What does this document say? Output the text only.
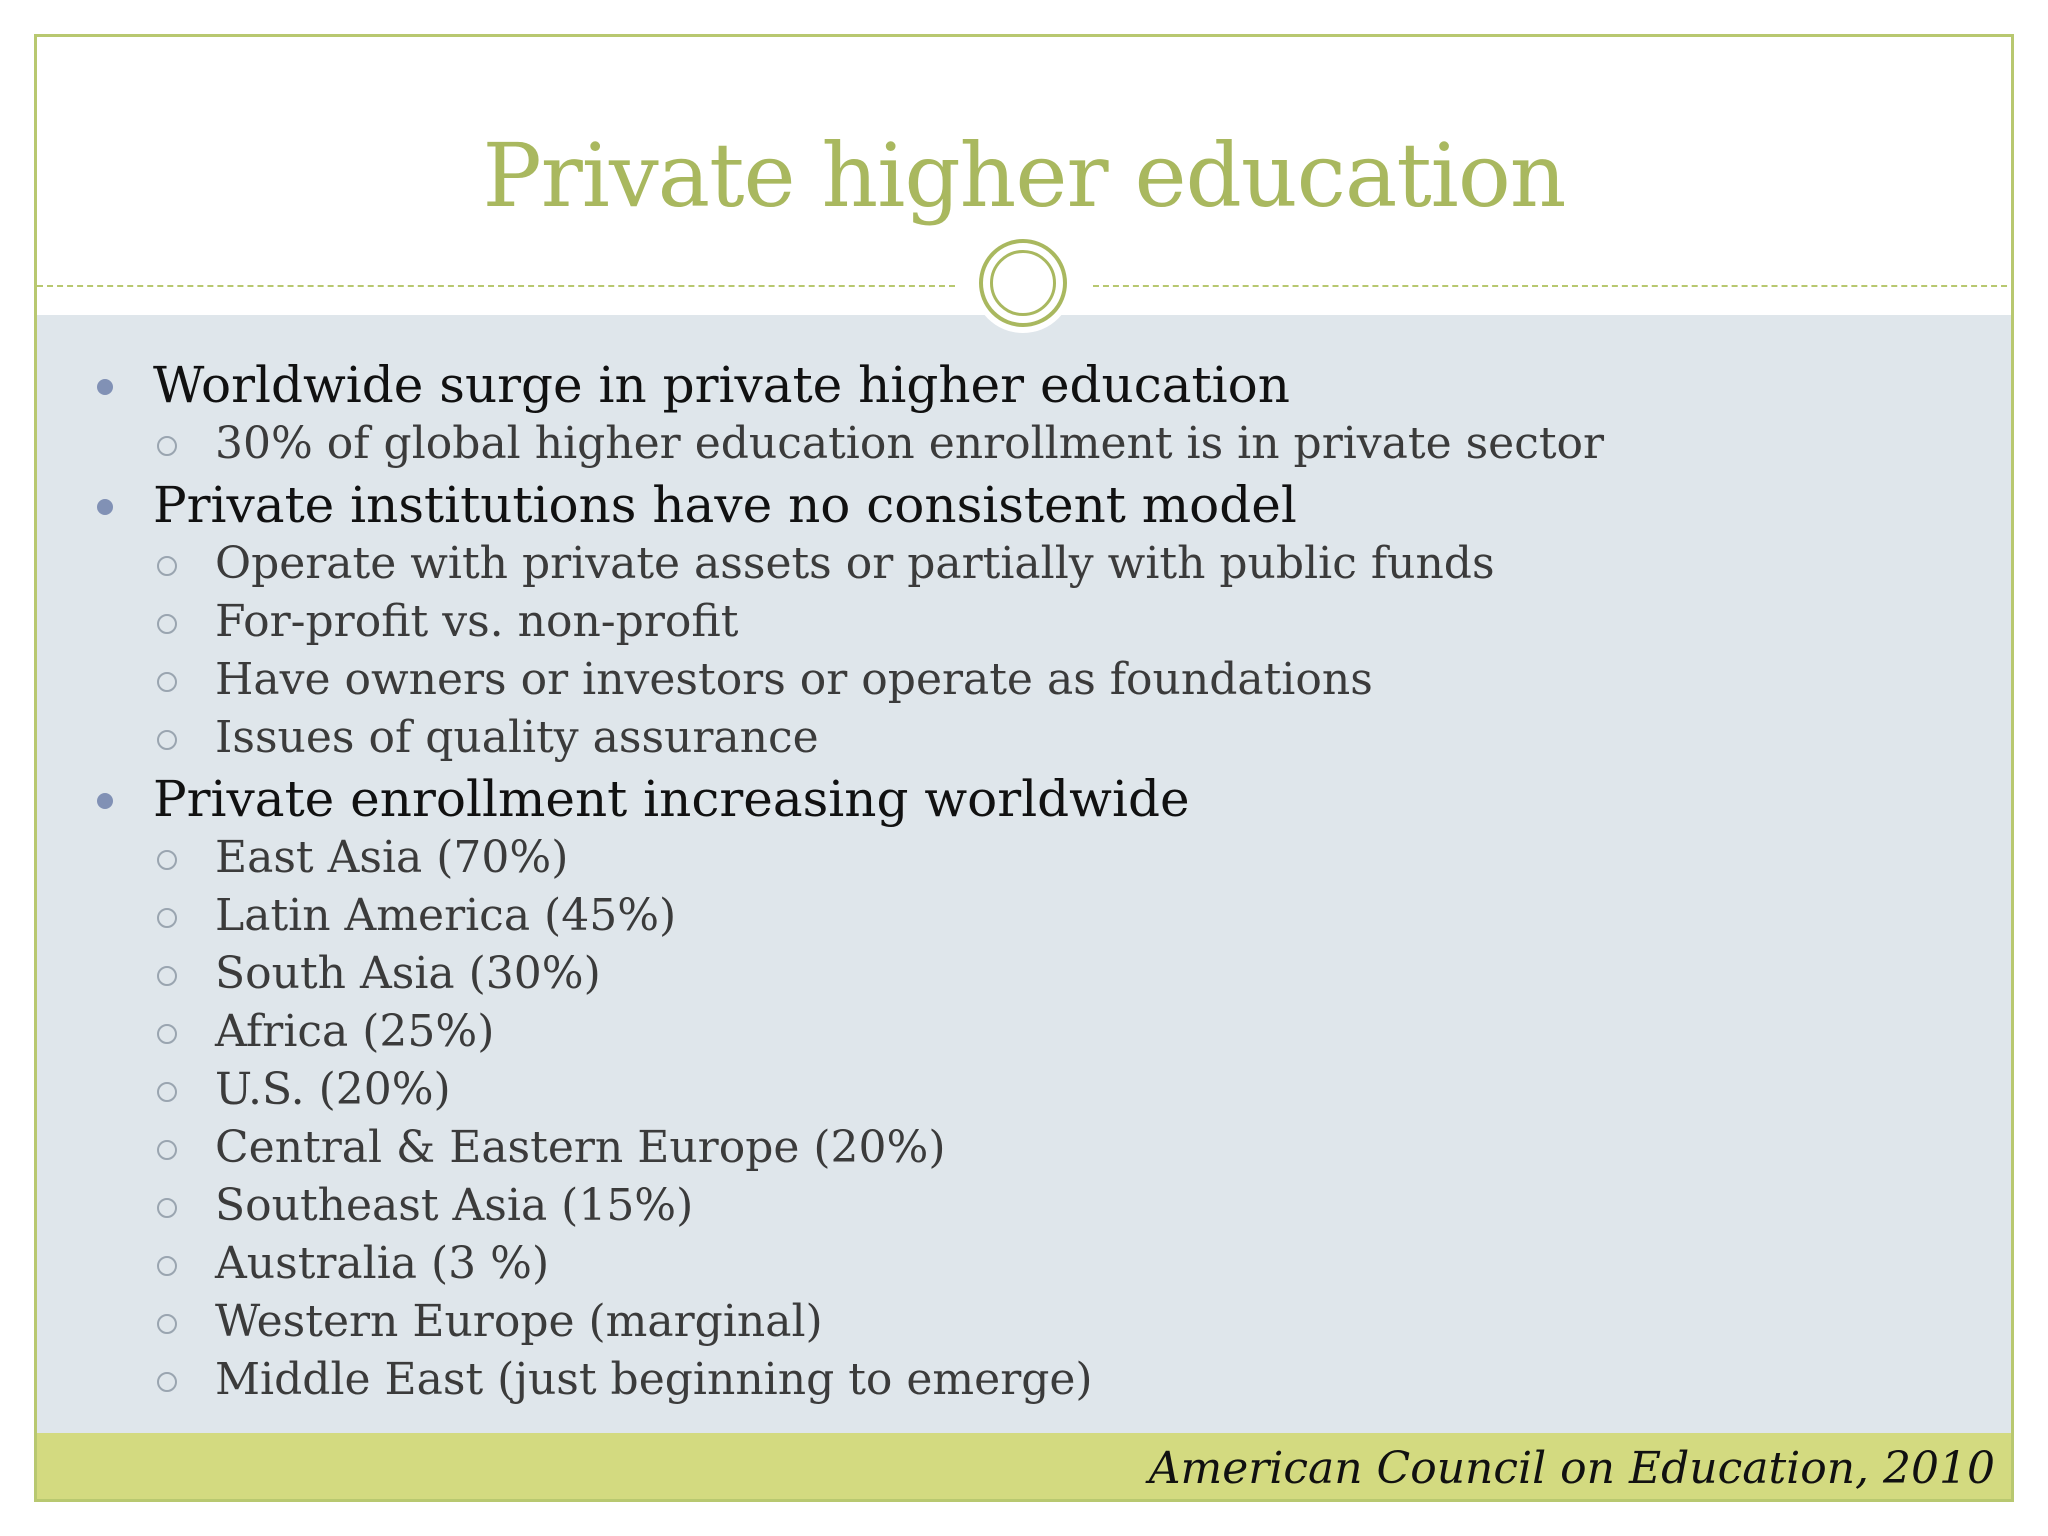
Private higher education
Worldwide surge in private higher education
30% of global higher education enrollment is in private sector
Private institutions have no consistent model
Operate with private assets or partially with public funds
For-profit vs. non-profit
Have owners or investors or operate as foundations
Issues of quality assurance
Private enrollment increasing worldwide
East Asia (70%)
Latin America (45%)
South Asia (30%)
Africa (25%)
U.S. (20%)
Central & Eastern Europe (20%)
Southeast Asia (15%)
Australia (3 %)
Western Europe (marginal)
Middle East (just beginning to emerge)
American Council on Education, 2010
